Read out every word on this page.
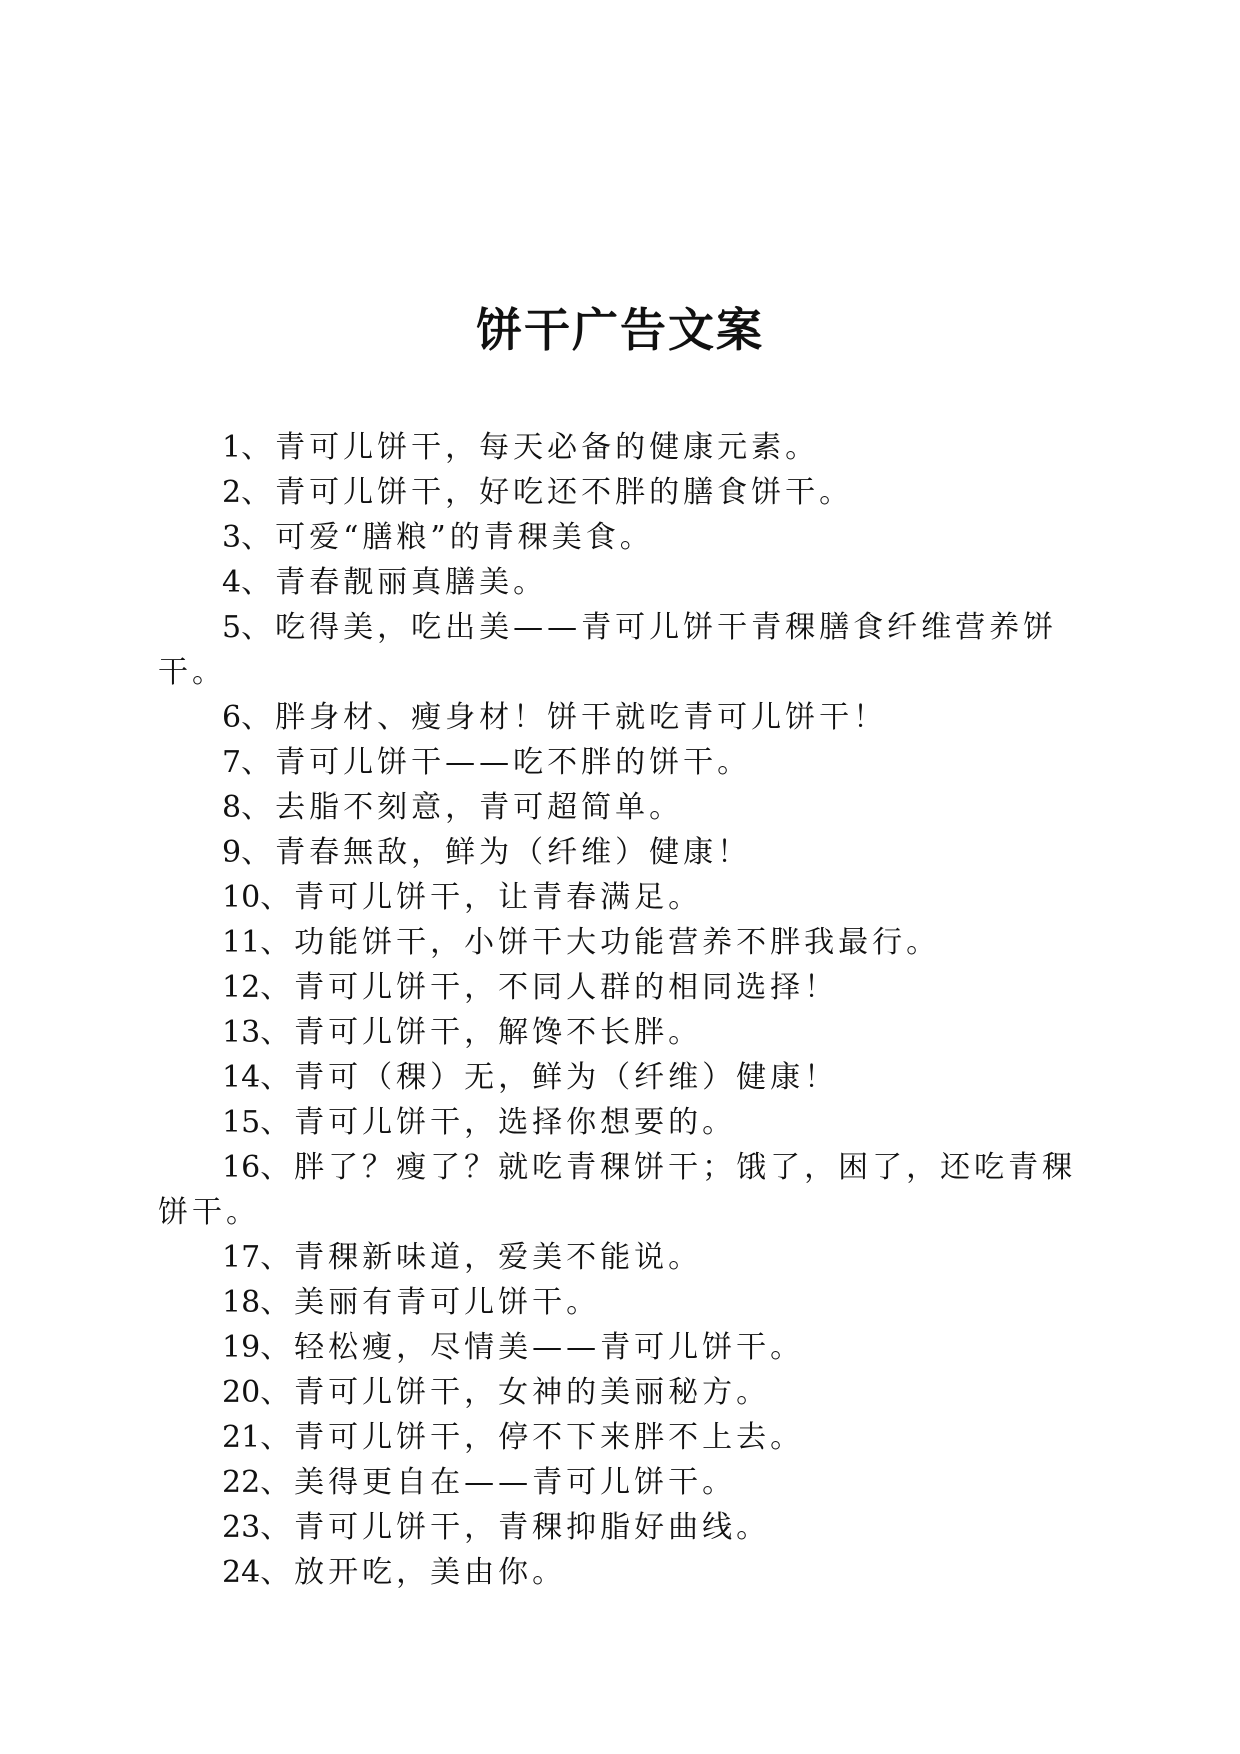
饼干广告文案
1、青可儿饼干，每天必备的健康元素。
2、青可儿饼干，好吃还不胖的膳食饼干。
3、可爱“膳粮”的青稞美食。
4、青春靓丽真膳美。
5、吃得美，吃出美——青可儿饼干青稞膳食纤维营养饼干。
6、胖身材、瘦身材！饼干就吃青可儿饼干！
7、青可儿饼干——吃不胖的饼干。
8、去脂不刻意，青可超简单。
9、青春無敌，鲜为（纤维）健康！
10、青可儿饼干，让青春满足。
11、功能饼干，小饼干大功能营养不胖我最行。
12、青可儿饼干，不同人群的相同选择！
13、青可儿饼干，解馋不长胖。
14、青可（稞）无，鲜为（纤维）健康！
15、青可儿饼干，选择你想要的。
16、胖了？瘦了？就吃青稞饼干；饿了，困了，还吃青稞饼干。
17、青稞新味道，爱美不能说。
18、美丽有青可儿饼干。
19、轻松瘦，尽情美——青可儿饼干。
20、青可儿饼干，女神的美丽秘方。
21、青可儿饼干，停不下来胖不上去。
22、美得更自在——青可儿饼干。
23、青可儿饼干，青稞抑脂好曲线。
24、放开吃，美由你。
